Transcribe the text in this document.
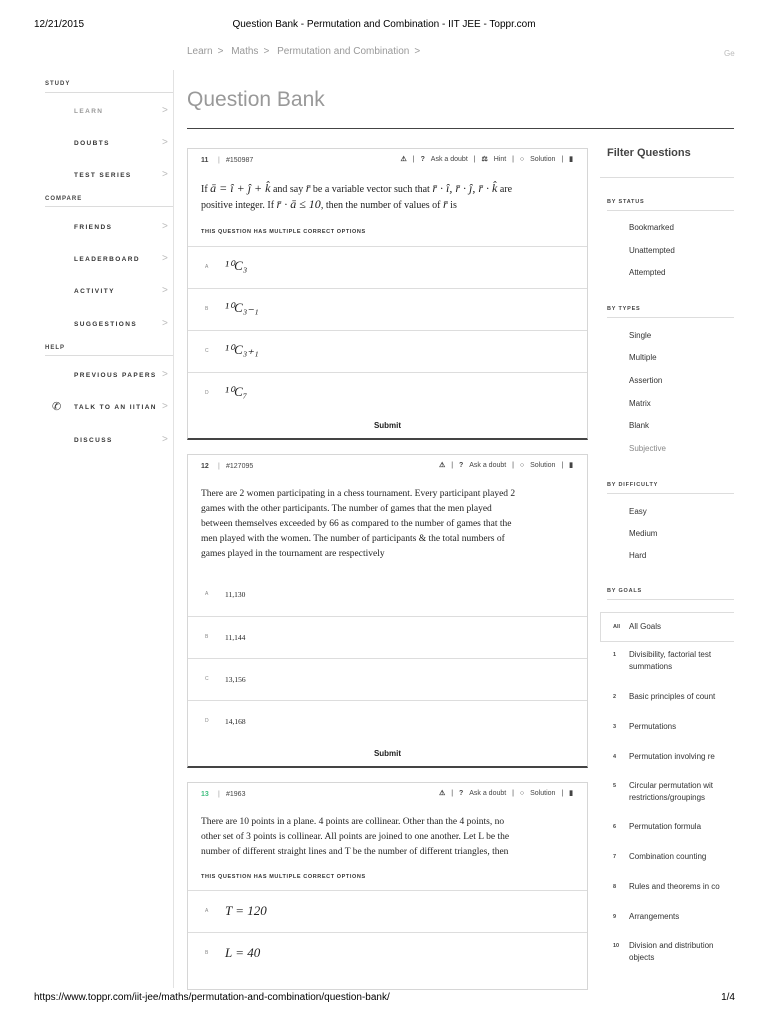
12/21/2015	Question Bank - Permutation and Combination - IIT JEE - Toppr.com
STUDY
LEARN	>
DOUBTS	>
TEST SERIES	>
COMPARE
FRIENDS	>
LEADERBOARD >
ACTIVITY	>
SUGGESTIONS >
HELP
PREVIOUS PAPERS >
✆ TALK TO AN IITIAN >
DISCUSS	>
Learn > Maths > Permutation and Combination >	Ge
Question Bank
11 | #150987	⚠ | ? Ask a doubt | ⚖ Hint | ○ Solution | ▮
If ā = î + ĵ + k̂ and say r̄ be a variable vector such that r̄ · î, r̄ · ĵ, r̄ · k̂ are
positive integer. If r̄ · ā ≤ 10, then the number of values of r̄ is
THIS QUESTION HAS MULTIPLE CORRECT OPTIONS
A ¹⁰C₃
B ¹⁰C₃₋₁
C ¹⁰C₃₊₁
D ¹⁰C₇
Submit
12 | #127095	⚠ | ? Ask a doubt | ○ Solution | ▮
There are 2 women participating in a chess tournament. Every participant played 2
games with the other participants. The number of games that the men played
between themselves exceeded by 66 as compared to the number of games that the
men played with the women. The number of participants & the total numbers of
games played in the tournament are respectively
A 11,130
B 11,144
C 13,156
D 14,168
Submit
13 | #1963	⚠ | ? Ask a doubt | ○ Solution | ▮
There are 10 points in a plane. 4 points are collinear. Other than the 4 points, no
other set of 3 points is collinear. All points are joined to one another. Let L be the
number of different straight lines and T be the number of different triangles, then
THIS QUESTION HAS MULTIPLE CORRECT OPTIONS
A T = 120
B L = 40
Filter Questions
BY STATUS
Bookmarked
Unattempted
Attempted
BY TYPES
Single
Multiple
Assertion
Matrix
Blank
Subjective
BY DIFFICULTY
Easy
Medium
Hard
BY GOALS
All All Goals
1 Divisibility, factorial test
summations
2 Basic principles of count
3 Permutations
4 Permutation involving re
5 Circular permutation wit
restrictions/groupings
6 Permutation formula
7 Combination counting
8 Rules and theorems in co
9 Arrangements
10 Division and distribution
objects
https://www.toppr.com/iit-jee/maths/permutation-and-combination/question-bank/	1/4
